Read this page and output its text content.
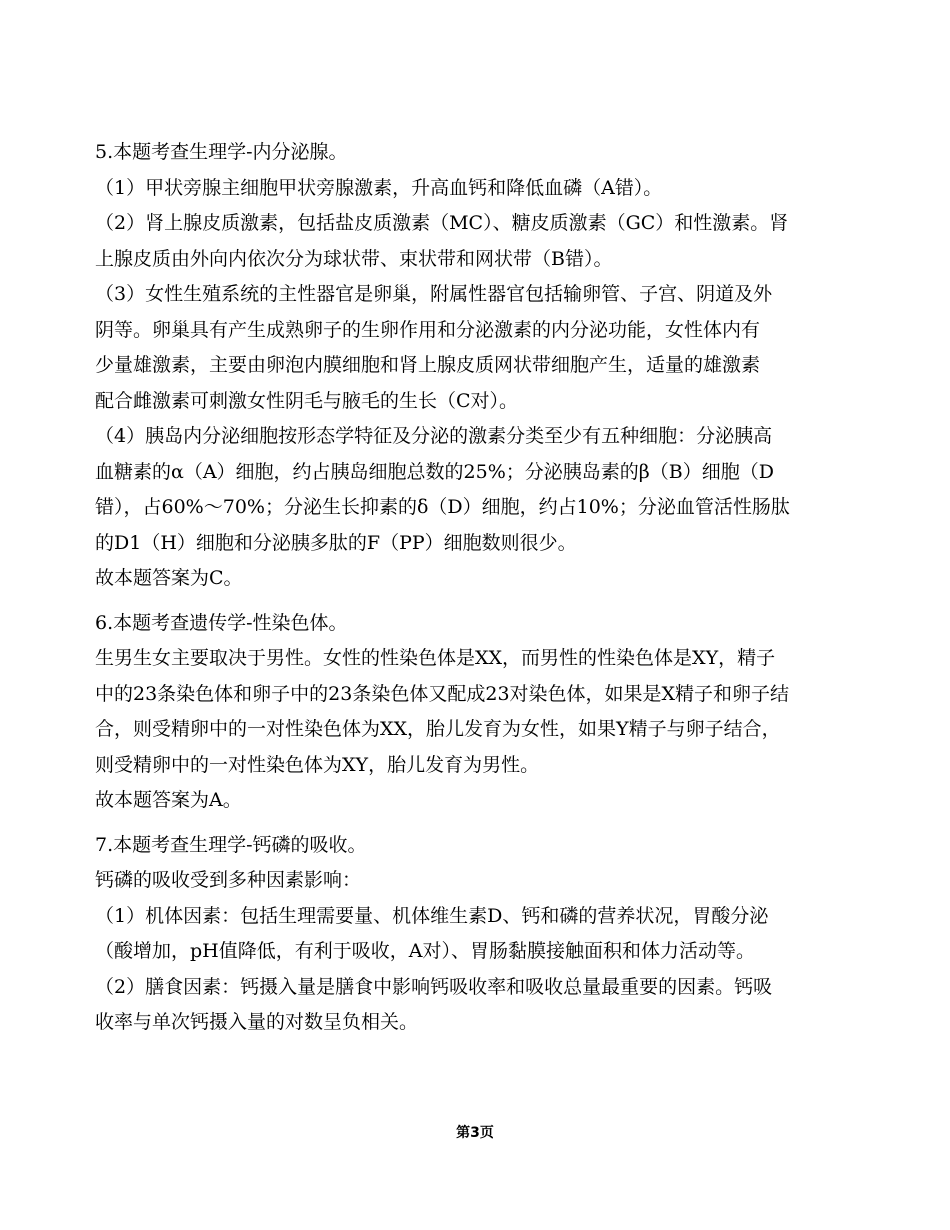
5.本题考查生理学-内分泌腺。
（1）甲状旁腺主细胞甲状旁腺激素，升高血钙和降低血磷（A错）。
（2）肾上腺皮质激素，包括盐皮质激素（MC）、糖皮质激素（GC）和性激素。肾
上腺皮质由外向内依次分为球状带、束状带和网状带（B错）。
（3）女性生殖系统的主性器官是卵巢，附属性器官包括输卵管、子宫、阴道及外
阴等。卵巢具有产生成熟卵子的生卵作用和分泌激素的内分泌功能，女性体内有
少量雄激素，主要由卵泡内膜细胞和肾上腺皮质网状带细胞产生，适量的雄激素
配合雌激素可刺激女性阴毛与腋毛的生长（C对）。
（4）胰岛内分泌细胞按形态学特征及分泌的激素分类至少有五种细胞：分泌胰高
血糖素的α（A）细胞，约占胰岛细胞总数的25%；分泌胰岛素的β（B）细胞（D
错），占60%～70%；分泌生长抑素的δ（D）细胞，约占10%；分泌血管活性肠肽
的D1（H）细胞和分泌胰多肽的F（PP）细胞数则很少。
故本题答案为C。
6.本题考查遗传学-性染色体。
生男生女主要取决于男性。女性的性染色体是XX，而男性的性染色体是XY，精子
中的23条染色体和卵子中的23条染色体又配成23对染色体，如果是X精子和卵子结
合，则受精卵中的一对性染色体为XX，胎儿发育为女性，如果Y精子与卵子结合，
则受精卵中的一对性染色体为XY，胎儿发育为男性。
故本题答案为A。
7.本题考查生理学-钙磷的吸收。
钙磷的吸收受到多种因素影响：
（1）机体因素：包括生理需要量、机体维生素D、钙和磷的营养状况，胃酸分泌
（酸增加，pH值降低，有利于吸收，A对）、胃肠黏膜接触面积和体力活动等。
（2）膳食因素：钙摄入量是膳食中影响钙吸收率和吸收总量最重要的因素。钙吸
收率与单次钙摄入量的对数呈负相关。
第3页
